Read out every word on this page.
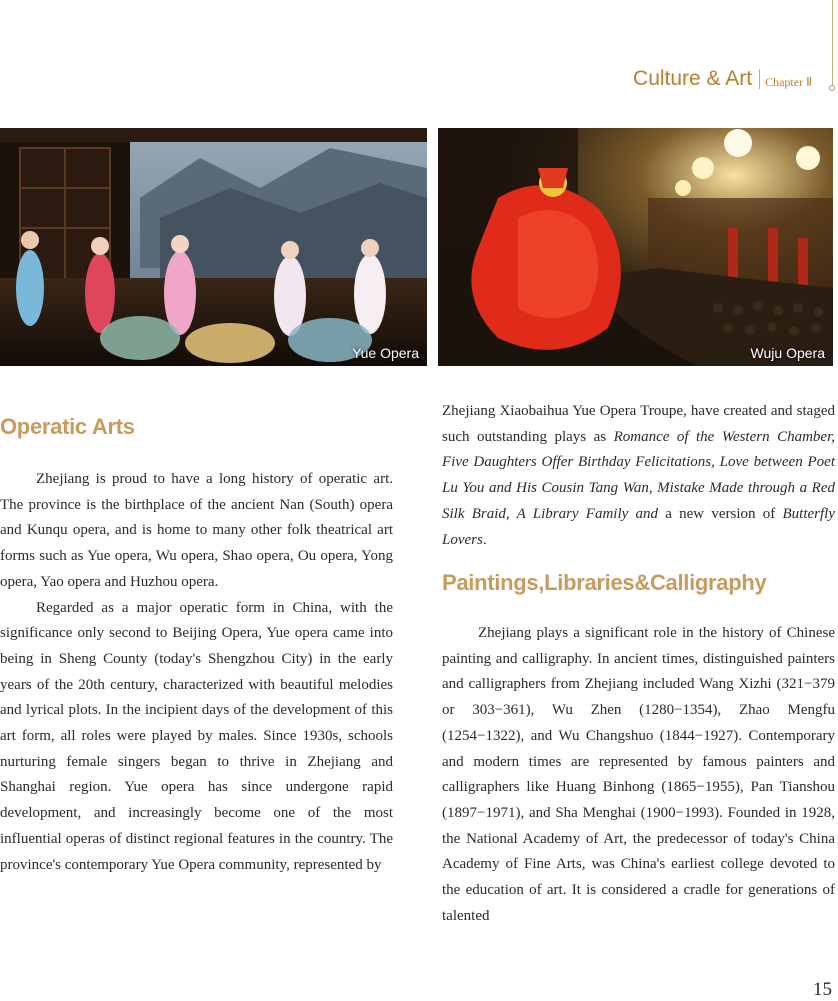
Culture & Art Chapter Ⅱ
Yue Opera	Wuju Opera
Operatic Arts

Zhejiang is proud to have a long history of operatic art. The province is the birthplace of the ancient Nan (South) opera and Kunqu opera, and is home to many other folk theatrical art forms such as Yue opera, Wu opera, Shao opera, Ou opera, Yong opera, Yao opera and Huzhou opera.

Regarded as a major operatic form in China, with the significance only second to Beijing Opera, Yue opera came into being in Sheng County (today's Shengzhou City) in the early years of the 20th century, characterized with beautiful melodies and lyrical plots. In the incipient days of the development of this art form, all roles were played by males. Since 1930s, schools nurturing female singers began to thrive in Zhejiang and Shanghai region. Yue opera has since undergone rapid development, and increasingly become one of the most influential operas of distinct regional features in the country. The province's contemporary Yue Opera community, represented by

Zhejiang Xiaobaihua Yue Opera Troupe, have created and staged such outstanding plays as Romance of the Western Chamber, Five Daughters Offer Birthday Felicitations, Love between Poet Lu You and His Cousin Tang Wan, Mistake Made through a Red Silk Braid, A Library Family and a new version of Butterfly Lovers.

Paintings,Libraries&Calligraphy

Zhejiang plays a significant role in the history of Chinese painting and calligraphy. In ancient times, distinguished painters and calligraphers from Zhejiang included Wang Xizhi (321−379 or 303−361), Wu Zhen (1280−1354), Zhao Mengfu (1254−1322), and Wu Changshuo (1844−1927). Contemporary and modern times are represented by famous painters and calligraphers like Huang Binhong (1865−1955), Pan Tianshou (1897−1971), and Sha Menghai (1900−1993). Founded in 1928, the National Academy of Art, the predecessor of today's China Academy of Fine Arts, was China's earliest college devoted to the education of art. It is considered a cradle for generations of talented

15
